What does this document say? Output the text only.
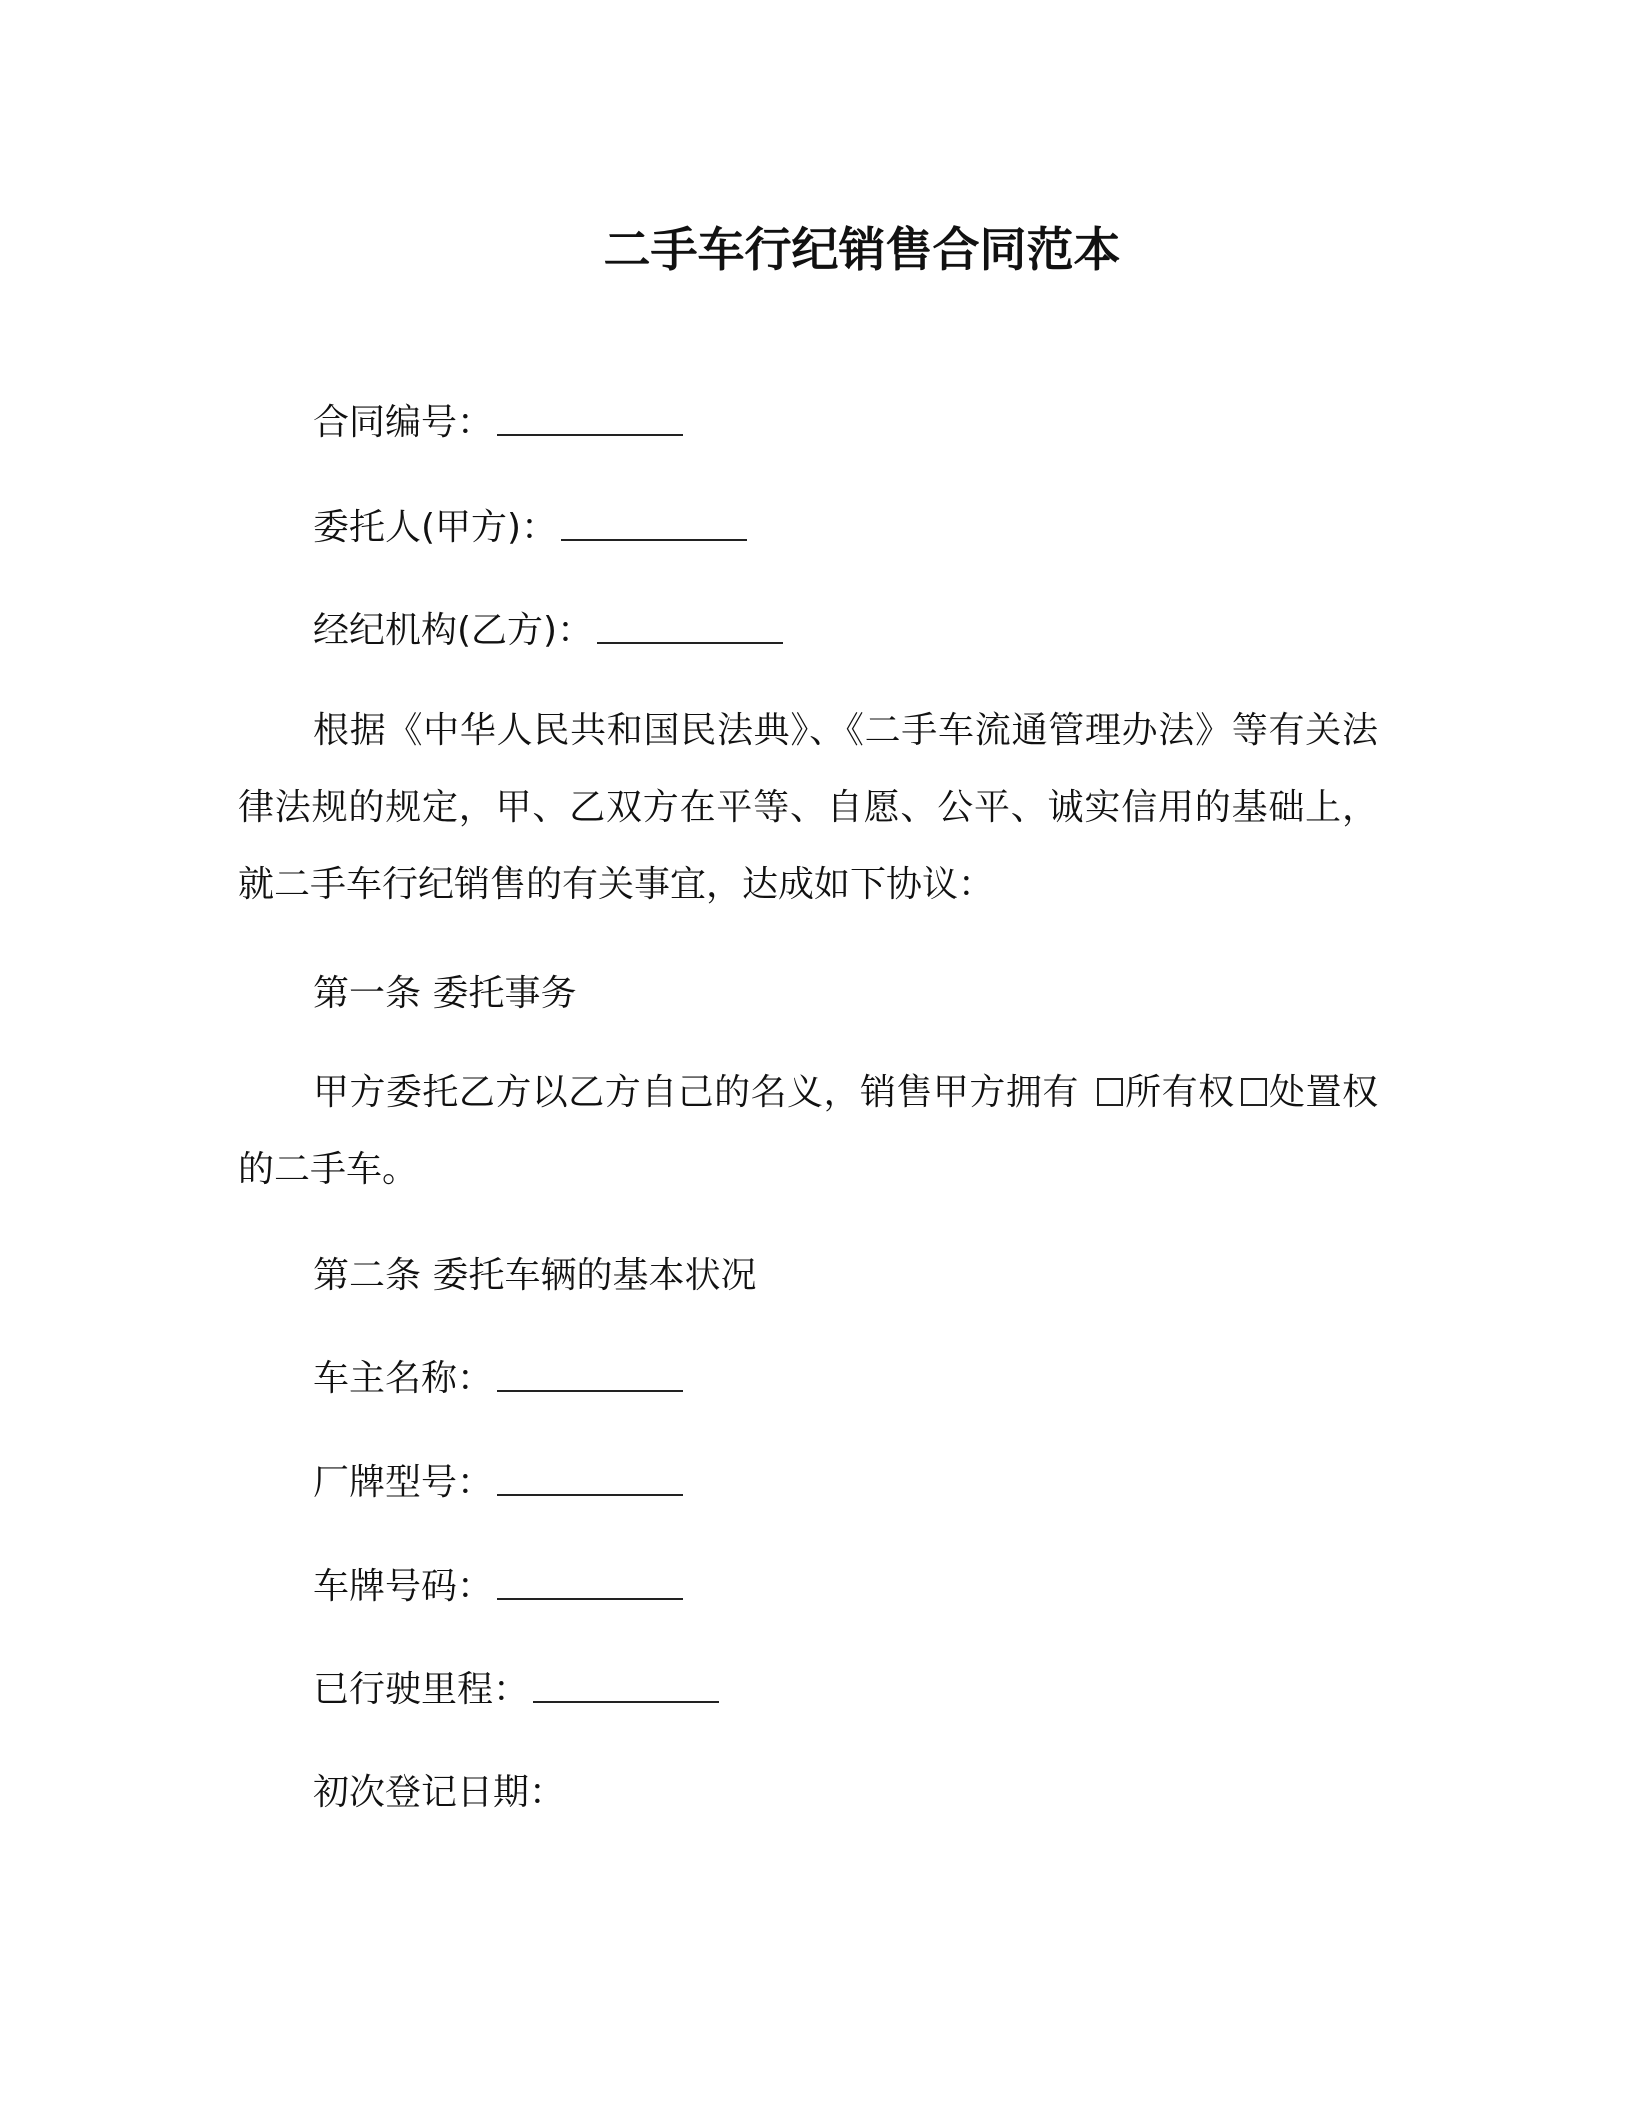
二手车行纪销售合同范本
合同编号：
委托人(甲方)：
经纪机构(乙方)：
根据《中华人民共和国民法典》、《二手车流通管理办法》等有关法律法规的规定，甲、乙双方在平等、自愿、公平、诚实信用的基础上，就二手车行纪销售的有关事宜，达成如下协议：
第一条 委托事务
甲方委托乙方以乙方自己的名义，销售甲方拥有 所有权 处置权 的二手车。
第二条 委托车辆的基本状况
车主名称：
厂牌型号：
车牌号码：
已行驶里程：
初次登记日期：
